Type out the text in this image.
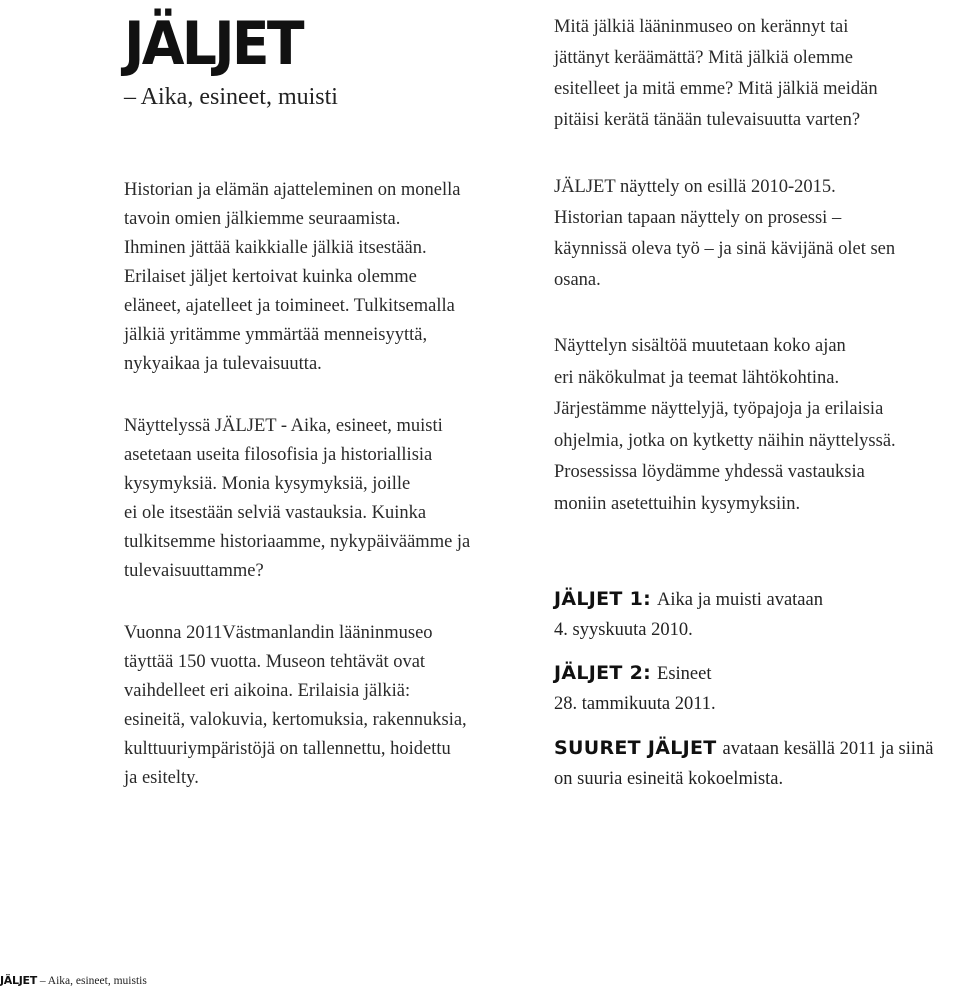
JÄLJET
– Aika, esineet, muisti

Historian ja elämän ajatteleminen on monella
tavoin omien jälkiemme seuraamista.
Ihminen jättää kaikkialle jälkiä itsestään.
Erilaiset jäljet kertoivat kuinka olemme
eläneet, ajatelleet ja toimineet. Tulkitsemalla
jälkiä yritämme ymmärtää menneisyyttä,
nykyaikaa ja tulevaisuutta.

Näyttelyssä JÄLJET - Aika, esineet, muisti
asetetaan useita filosofisia ja historiallisia
kysymyksiä. Monia kysymyksiä, joille
ei ole itsestään selviä vastauksia. Kuinka
tulkitsemme historiaamme, nykypäiväämme ja
tulevaisuuttamme?

Vuonna 2011Västmanlandin lääninmuseo
täyttää 150 vuotta. Museon tehtävät ovat
vaihdelleet eri aikoina. Erilaisia jälkiä:
esineitä, valokuvia, kertomuksia, rakennuksia,
kulttuuriympäristöjä on tallennettu, hoidettu
ja esitelty.

Mitä jälkiä lääninmuseo on kerännyt tai
jättänyt keräämättä? Mitä jälkiä olemme
esitelleet ja mitä emme? Mitä jälkiä meidän
pitäisi kerätä tänään tulevaisuutta varten?

JÄLJET näyttely on esillä 2010-2015.
Historian tapaan näyttely on prosessi –
käynnissä oleva työ – ja sinä kävijänä olet sen
osana.

Näyttelyn sisältöä muutetaan koko ajan
eri näkökulmat ja teemat lähtökohtina.
Järjestämme näyttelyjä, työpajoja ja erilaisia
ohjelmia, jotka on kytketty näihin näyttelyssä.
Prosessissa löydämme yhdessä vastauksia
moniin asetettuihin kysymyksiin.

JÄLJET 1: Aika ja muisti avataan
4. syyskuuta 2010.
JÄLJET 2: Esineet
28. tammikuuta 2011.
SUURET JÄLJET avataan kesällä 2011 ja siinä
on suuria esineitä kokoelmista.
JÄLJET – Aika, esineet, muistis
